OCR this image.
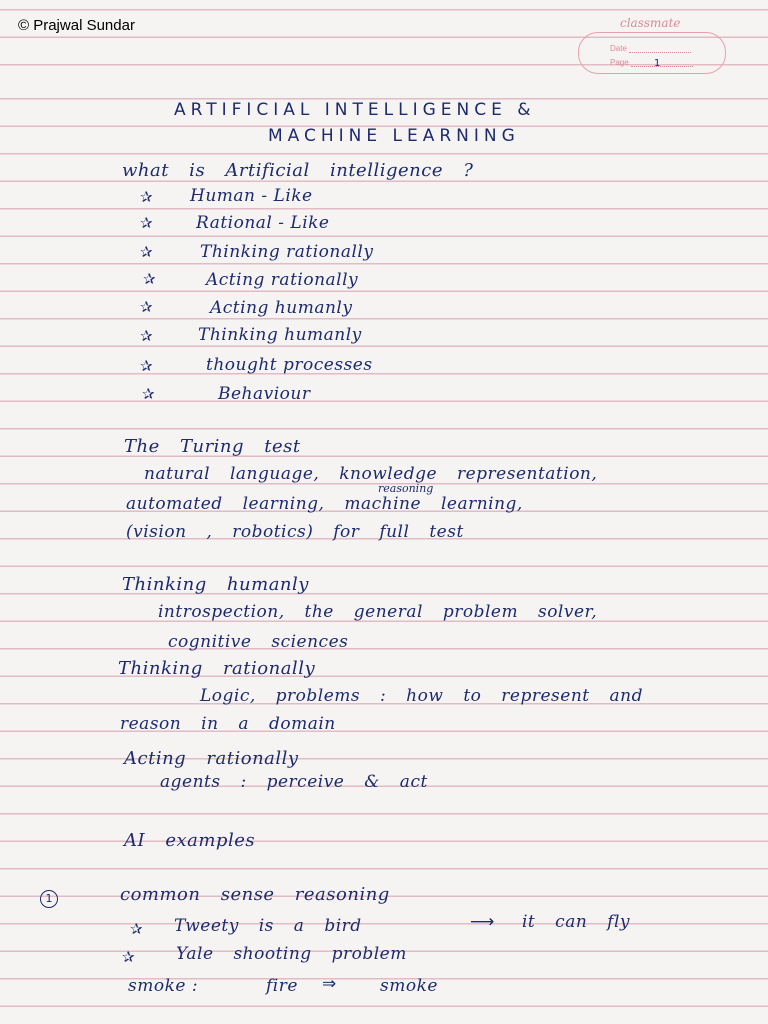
© Prajwal Sundar	classmate
Date
Page	1
ARTIFICIAL INTELLIGENCE &
MACHINE LEARNING
what is Artificial intelligence ?
✰ Human - Like
✰	Rational - Like
✰	Thinking rationally
✰	Acting rationally
✰	Acting humanly
✰	Thinking humanly
✰	thought processes
✰	Behaviour
The Turing test
reasoning
natural language, knowledge representation,
automated learning, machine learning,
(vision , robotics) for full test
Thinking humanly
introspection, the general problem solver,
cognitive sciences
Thinking rationally
Logic, problems : how to represent and
reason in a domain
Acting rationally
agents : perceive & act
AI examples
1	common sense reasoning
✰ Tweety is a bird	⟶ it can fly
✰ Yale shooting problem
smoke :	fire ⇒	smoke
